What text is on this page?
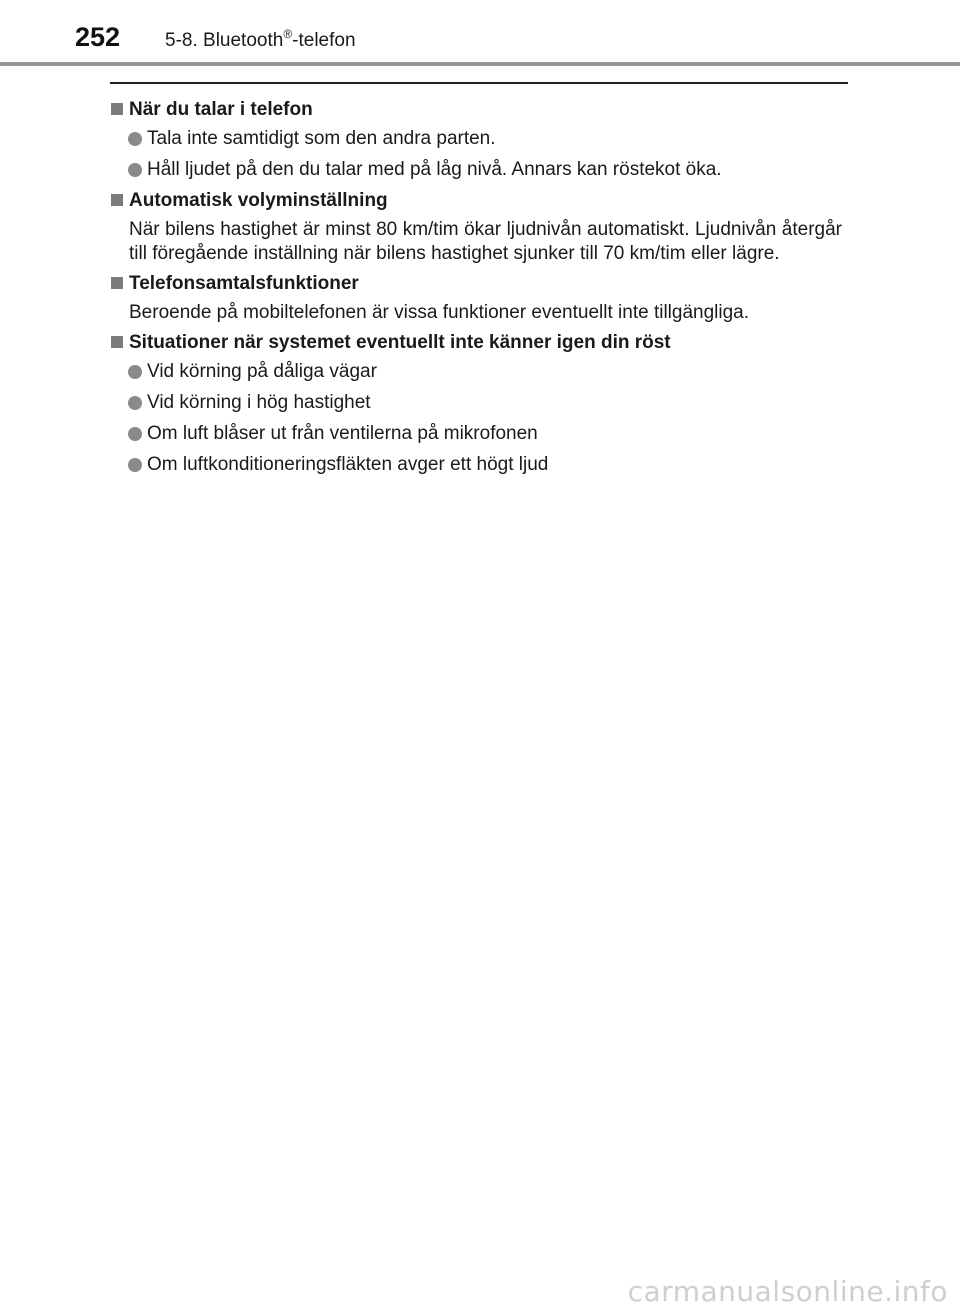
252 5-8. Bluetooth®-telefon
När du talar i telefon
Tala inte samtidigt som den andra parten.
Håll ljudet på den du talar med på låg nivå. Annars kan röstekot öka.
Automatisk volyminställning
När bilens hastighet är minst 80 km/tim ökar ljudnivån automatiskt. Ljudnivån återgår till föregående inställning när bilens hastighet sjunker till 70 km/tim eller lägre.
Telefonsamtalsfunktioner
Beroende på mobiltelefonen är vissa funktioner eventuellt inte tillgängliga.
Situationer när systemet eventuellt inte känner igen din röst
Vid körning på dåliga vägar
Vid körning i hög hastighet
Om luft blåser ut från ventilerna på mikrofonen
Om luftkonditioneringsfläkten avger ett högt ljud
carmanualsonline.info
